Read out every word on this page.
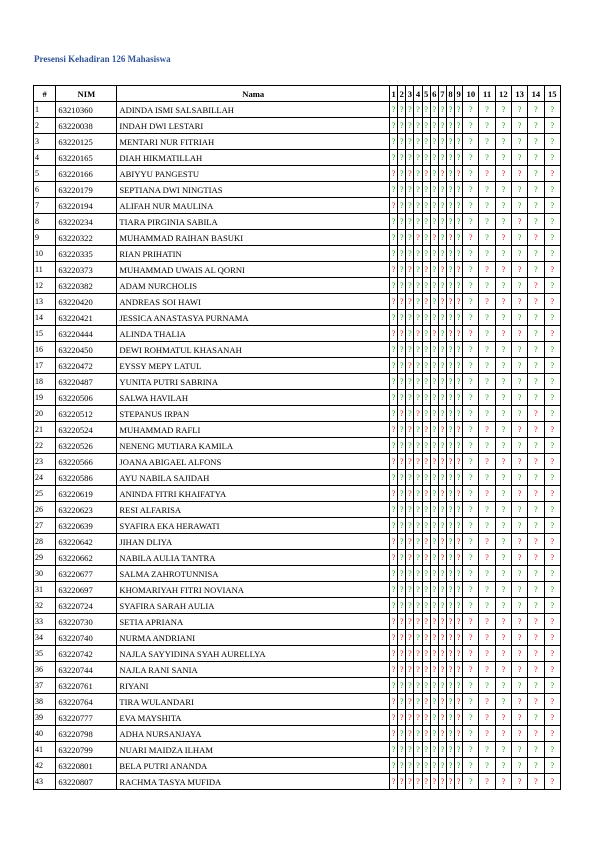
Presensi Kehadiran 126 Mahasiswa
#	NIM	Nama	1	2	3	4	5	6	7	8	9	10	11	12	13	14	15
1	63210360	ADINDA ISMI SALSABILLAH	?	?	?	?	?	?	?	?	?	?	?	?	?	?	?
2	63220038	INDAH DWI LESTARI	?	?	?	?	?	?	?	?	?	?	?	?	?	?	?
3	63220125	MENTARI NUR FITRIAH	?	?	?	?	?	?	?	?	?	?	?	?	?	?	?
4	63220165	DIAH HIKMATILLAH	?	?	?	?	?	?	?	?	?	?	?	?	?	?	?
5	63220166	ABIYYU PANGESTU	?	?	?	?	?	?	?	?	?	?	?	?	?	?	?
6	63220179	SEPTIANA DWI NINGTIAS	?	?	?	?	?	?	?	?	?	?	?	?	?	?	?
7	63220194	ALIFAH NUR MAULINA	?	?	?	?	?	?	?	?	?	?	?	?	?	?	?
8	63220234	TIARA PIRGINIA SABILA	?	?	?	?	?	?	?	?	?	?	?	?	?	?	?
9	63220322	MUHAMMAD RAIHAN BASUKI	?	?	?	?	?	?	?	?	?	?	?	?	?	?	?
10	63220335	RIAN PRIHATIN	?	?	?	?	?	?	?	?	?	?	?	?	?	?	?
11	63220373	MUHAMMAD UWAIS AL QORNI	?	?	?	?	?	?	?	?	?	?	?	?	?	?	?
12	63220382	ADAM NURCHOLIS	?	?	?	?	?	?	?	?	?	?	?	?	?	?	?
13	63220420	ANDREAS SOI HAWI	?	?	?	?	?	?	?	?	?	?	?	?	?	?	?
14	63220421	JESSICA ANASTASYA PURNAMA	?	?	?	?	?	?	?	?	?	?	?	?	?	?	?
15	63220444	ALINDA THALIA	?	?	?	?	?	?	?	?	?	?	?	?	?	?	?
16	63220450	DEWI ROHMATUL KHASANAH	?	?	?	?	?	?	?	?	?	?	?	?	?	?	?
17	63220472	EYSSY MEPY LATUL	?	?	?	?	?	?	?	?	?	?	?	?	?	?	?
18	63220487	YUNITA PUTRI SABRINA	?	?	?	?	?	?	?	?	?	?	?	?	?	?	?
19	63220506	SALWA HAVILAH	?	?	?	?	?	?	?	?	?	?	?	?	?	?	?
20	63220512	STEPANUS IRPAN	?	?	?	?	?	?	?	?	?	?	?	?	?	?	?
21	63220524	MUHAMMAD RAFLI	?	?	?	?	?	?	?	?	?	?	?	?	?	?	?
22	63220526	NENENG MUTIARA KAMILA	?	?	?	?	?	?	?	?	?	?	?	?	?	?	?
23	63220566	JOANA ABIGAEL ALFONS	?	?	?	?	?	?	?	?	?	?	?	?	?	?	?
24	63220586	AYU NABILA SAJIDAH	?	?	?	?	?	?	?	?	?	?	?	?	?	?	?
25	63220619	ANINDA FITRI KHAIFATYA	?	?	?	?	?	?	?	?	?	?	?	?	?	?	?
26	63220623	RESI ALFARISA	?	?	?	?	?	?	?	?	?	?	?	?	?	?	?
27	63220639	SYAFIRA EKA HERAWATI	?	?	?	?	?	?	?	?	?	?	?	?	?	?	?
28	63220642	JIHAN DLIYA	?	?	?	?	?	?	?	?	?	?	?	?	?	?	?
29	63220662	NABILA AULIA TANTRA	?	?	?	?	?	?	?	?	?	?	?	?	?	?	?
30	63220677	SALMA ZAHROTUNNISA	?	?	?	?	?	?	?	?	?	?	?	?	?	?	?
31	63220697	KHOMARIYAH FITRI NOVIANA	?	?	?	?	?	?	?	?	?	?	?	?	?	?	?
32	63220724	SYAFIRA SARAH AULIA	?	?	?	?	?	?	?	?	?	?	?	?	?	?	?
33	63220730	SETIA APRIANA	?	?	?	?	?	?	?	?	?	?	?	?	?	?	?
34	63220740	NURMA ANDRIANI	?	?	?	?	?	?	?	?	?	?	?	?	?	?	?
35	63220742	NAJLA SAYYIDINA SYAH AURELLYA	?	?	?	?	?	?	?	?	?	?	?	?	?	?	?
36	63220744	NAJLA RANI SANIA	?	?	?	?	?	?	?	?	?	?	?	?	?	?	?
37	63220761	RIYANI	?	?	?	?	?	?	?	?	?	?	?	?	?	?	?
38	63220764	TIRA WULANDARI	?	?	?	?	?	?	?	?	?	?	?	?	?	?	?
39	63220777	EVA MAYSHITA	?	?	?	?	?	?	?	?	?	?	?	?	?	?	?
40	63220798	ADHA NURSANJAYA	?	?	?	?	?	?	?	?	?	?	?	?	?	?	?
41	63220799	NUARI MAIDZA ILHAM	?	?	?	?	?	?	?	?	?	?	?	?	?	?	?
42	63220801	BELA PUTRI ANANDA	?	?	?	?	?	?	?	?	?	?	?	?	?	?	?
43	63220807	RACHMA TASYA MUFIDA	?	?	?	?	?	?	?	?	?	?	?	?	?	?	?
